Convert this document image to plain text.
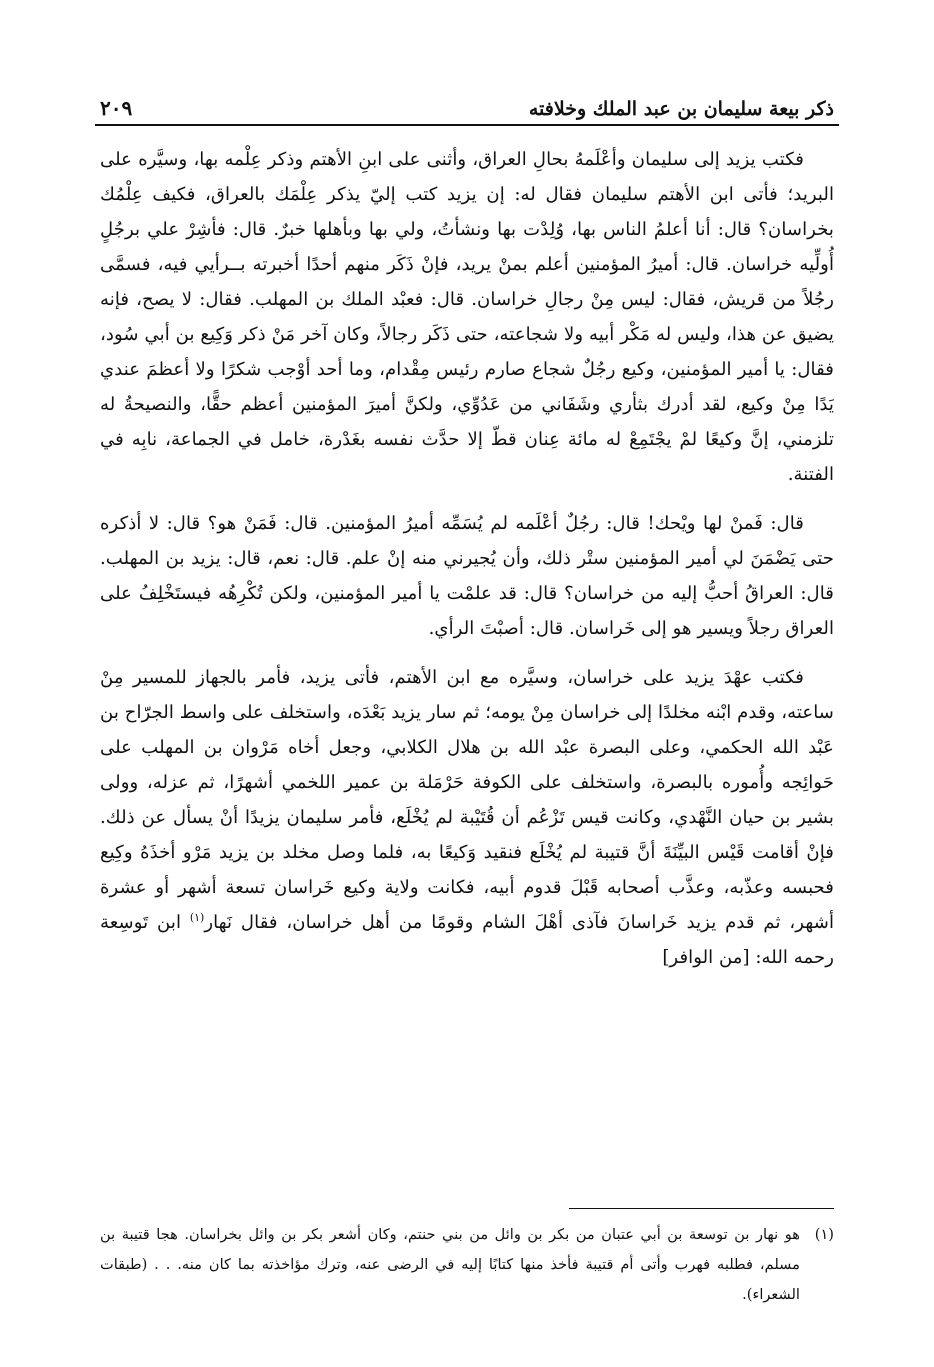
ذكر بيعة سليمان بن عبد الملك وخلافته
٢٠٩

فكتب يزيد إلى سليمان وأعْلَمهُ بحالِ العراق، وأثنى على ابنِ الأهتم وذكر عِلْمه بها، وسيَّره على البريد؛ فأتى ابن الأهتم سليمان فقال له: إن يزيد كتب إليّ يذكر عِلْمَك بالعراق، فكيف عِلْمُك بخراسان؟ قال: أنا أعلمُ الناس بها، وُلِدْت بها ونشأتُ، ولي بها وبأهلها خبرٌ. قال: فأشِرْ علي برجُلٍ أُولِّيه خراسان. قال: أميرُ المؤمنين أعلم بمنْ يريد، فإنْ ذَكَر منهم أحدًا أخبرته بــرأيي فيه، فسمَّى رجُلاً من قريش، فقال: ليس مِنْ رجالِ خراسان. قال: فعبْد الملك بن المهلب. فقال: لا يصح، فإنه يضيق عن هذا، وليس له مَكْر أبيه ولا شجاعته، حتى ذَكَر رجالاً، وكان آخر مَنْ ذكر وَكِيع بن أبي سُود، فقال: يا أمير المؤمنين، وكيع رجُلٌ شجاع صارم رئيس مِقْدام، وما أحد أوْجب شكرًا ولا أعظمَ عندي يَدًا مِنْ وكيع، لقد أدرك بثأري وشَفَاني من عَدُوِّي، ولكنَّ أميرَ المؤمنين أعظم حقًّا، والنصيحةُ له تلزمني، إنَّ وكيعًا لمْ يجْتَمِعْ له مائة عِنان قطّ إلا حدَّث نفسه بغَدْرة، خامل في الجماعة، نابِه في الفتنة.

قال: فَمنْ لها ويْحك! قال: رجُلٌ أعْلَمه لم يُسَمِّه أميرُ المؤمنين. قال: فَمَنْ هو؟ قال: لا أذكره حتى يَضْمَنَ لي أمير المؤمنين ستْر ذلك، وأن يُجيرني منه إنْ علم. قال: نعم، قال: يزيد بن المهلب. قال: العراقُ أحبُّ إليه من خراسان؟ قال: قد علمْت يا أمير المؤمنين، ولكن تُكْرِهُه فيستَخْلِفُ على العراق رجلاً ويسير هو إلى خَراسان. قال: أصبْتَ الرأي.

فكتب عهْدَ يزيد على خراسان، وسيَّره مع ابن الأهتم، فأتى يزيد، فأمر بالجهاز للمسير مِنْ ساعته، وقدم ابْنه مخلدًا إلى خراسان مِنْ يومه؛ ثم سار يزيد بَعْدَه، واستخلف على واسط الجرّاح بن عَبْد الله الحكمي، وعلى البصرة عبْد الله بن هلال الكلابي، وجعل أخاه مَرْوان بن المهلب على حَوائِجه وأُموره بالبصرة، واستخلف على الكوفة حَرْمَلة بن عمير اللخمي أشهرًا، ثم عزله، وولى بشير بن حيان النَّهْدي، وكانت قيس تَزْعُم أن قُتَيْبة لم يُخْلَع، فأمر سليمان يزيدًا أنْ يسأل عن ذلك. فإنْ أقامت قَيْس البيِّنَةَ أنَّ قتيبة لم يُخْلَع فنقيد وَكيعًا به، فلما وصل مخلد بن يزيد مَرْو أخذَهُ وكِيع فحبسه وعذّبه، وعذَّب أصحابه قَبْلَ قدوم أبيه، فكانت ولاية وكيع خَراسان تسعة أشهر أو عشرة أشهر، ثم قدم يزيد خَراسانَ فآذى أهْلَ الشام وقومًا من أهل خراسان، فقال نَهار$^{(١)}$ ابن تَوسِعة رحمه الله: [من الوافر]

(١)
هو نهار بن توسعة بن أبي عتبان من بكر بن وائل من بني حنتم، وكان أشعر بكر بن وائل بخراسان. هجا قتيبة بن مسلم، فطلبه فهرب وأتى أم قتيبة فأخذ منها كتابًا إليه في الرضى عنه، وترك مؤاخذته بما كان منه. . . (طبقات الشعراء).
